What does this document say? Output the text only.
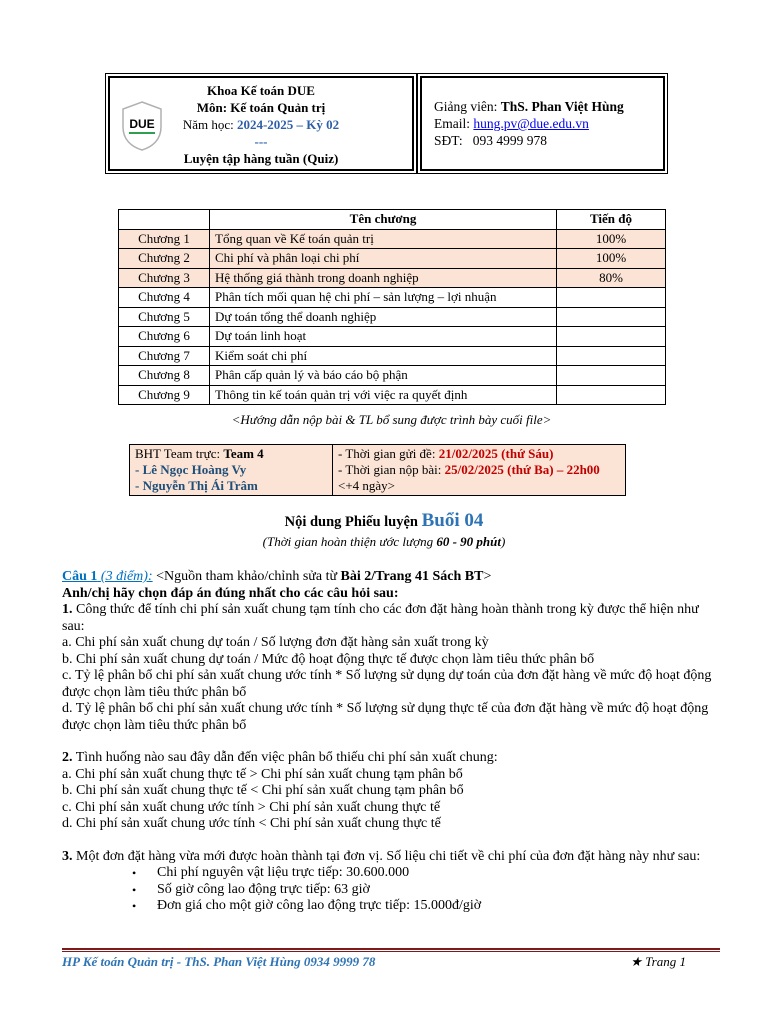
DUE
Khoa Kế toán DUE
Môn: Kế toán Quản trị
Năm học: 2024-2025 – Kỳ 02
---
Luyện tập hàng tuần (Quiz)
Giảng viên: ThS. Phan Việt Hùng
Email: hung.pv@due.edu.vn
SĐT: 093 4999 978
	Tên chương	Tiến độ
Chương 1	Tổng quan về Kế toán quản trị	100%
Chương 2	Chi phí và phân loại chi phí	100%
Chương 3	Hệ thống giá thành trong doanh nghiệp	80%
Chương 4	Phân tích mối quan hệ chi phí – sản lượng – lợi nhuận	
Chương 5	Dự toán tổng thể doanh nghiệp	
Chương 6	Dự toán linh hoạt	
Chương 7	Kiểm soát chi phí	
Chương 8	Phân cấp quản lý và báo cáo bộ phận	
Chương 9	Thông tin kế toán quản trị với việc ra quyết định	
<Hướng dẫn nộp bài & TL bổ sung được trình bày cuối file>
BHT Team trực: Team 4
- Lê Ngọc Hoàng Vy
- Nguyễn Thị Ái Trâm

- Thời gian gửi đề: 21/02/2025 (thứ Sáu)
- Thời gian nộp bài: 25/02/2025 (thứ Ba) – 22h00
<+4 ngày>
Nội dung Phiếu luyện Buổi 04
(Thời gian hoàn thiện ước lượng 60 - 90 phút)

Câu 1 (3 điểm): <Nguồn tham khảo/chỉnh sửa từ Bài 2/Trang 41 Sách BT>

Anh/chị hãy chọn đáp án đúng nhất cho các câu hỏi sau:

1. Công thức để tính chi phí sản xuất chung tạm tính cho các đơn đặt hàng hoàn thành trong kỳ được thể hiện như sau:

a. Chi phí sản xuất chung dự toán / Số lượng đơn đặt hàng sản xuất trong kỳ

b. Chi phí sản xuất chung dự toán / Mức độ hoạt động thực tế được chọn làm tiêu thức phân bổ

c. Tỷ lệ phân bổ chi phí sản xuất chung ước tính * Số lượng sử dụng dự toán của đơn đặt hàng về mức độ hoạt động được chọn làm tiêu thức phân bổ

d. Tỷ lệ phân bổ chi phí sản xuất chung ước tính * Số lượng sử dụng thực tế của đơn đặt hàng về mức độ hoạt động được chọn làm tiêu thức phân bổ

2. Tình huống nào sau đây dẫn đến việc phân bổ thiếu chi phí sản xuất chung:

a. Chi phí sản xuất chung thực tế > Chi phí sản xuất chung tạm phân bổ

b. Chi phí sản xuất chung thực tế < Chi phí sản xuất chung tạm phân bổ

c. Chi phí sản xuất chung ước tính > Chi phí sản xuất chung thực tế

d. Chi phí sản xuất chung ước tính < Chi phí sản xuất chung thực tế

3. Một đơn đặt hàng vừa mới được hoàn thành tại đơn vị. Số liệu chi tiết về chi phí của đơn đặt hàng này như sau:

• Chi phí nguyên vật liệu trực tiếp: 30.600.000
• Số giờ công lao động trực tiếp: 63 giờ
• Đơn giá cho một giờ công lao động trực tiếp: 15.000đ/giờ
HP Kế toán Quản trị - ThS. Phan Việt Hùng 0934 9999 78	★ Trang 1
